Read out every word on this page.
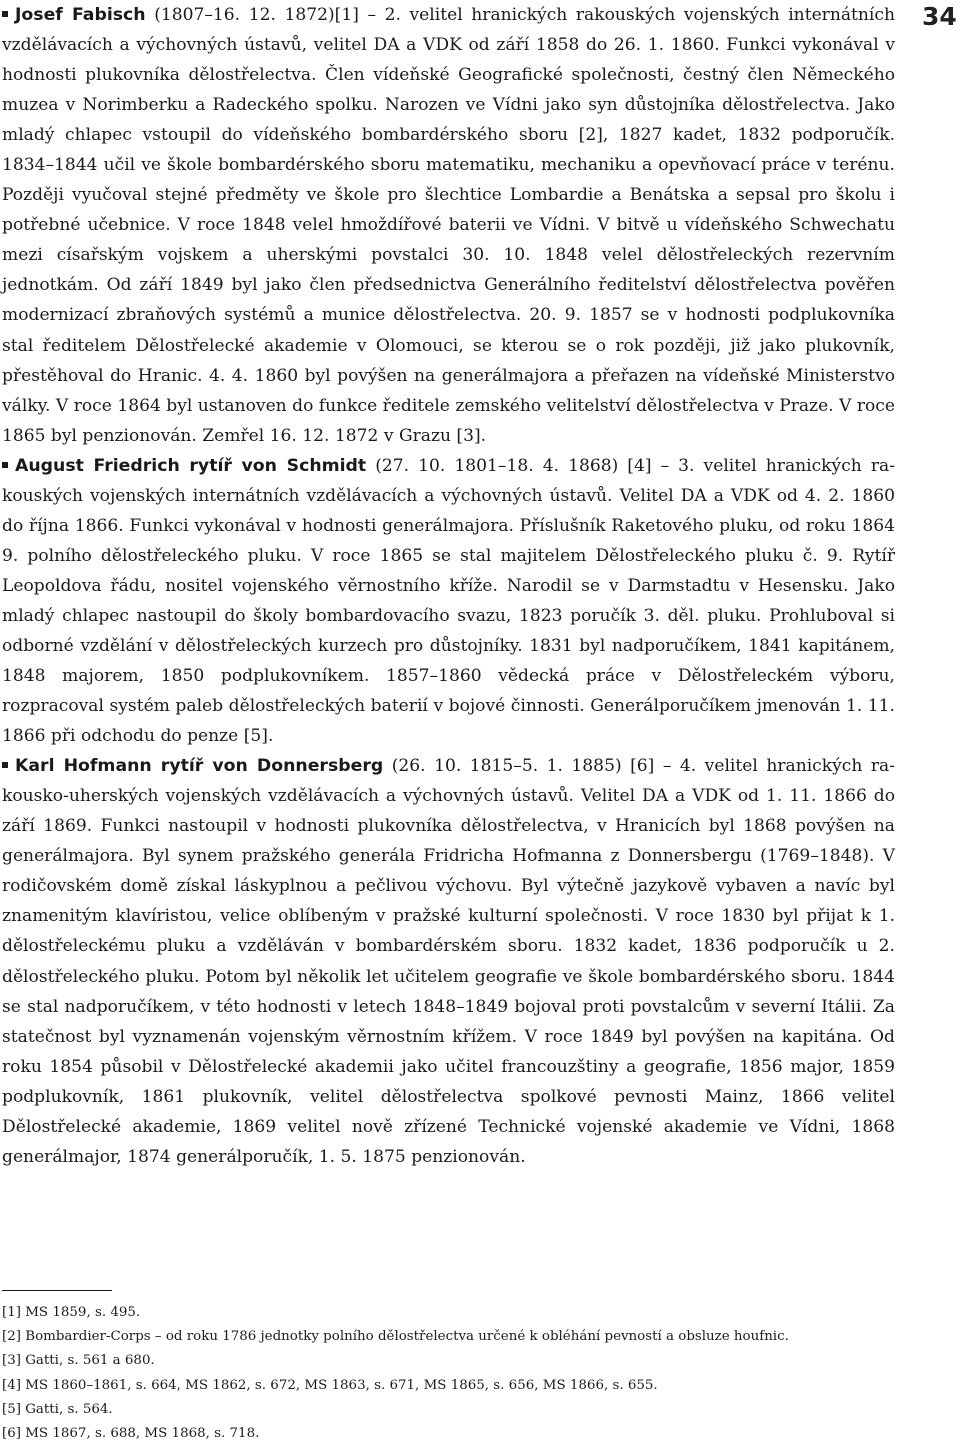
34

Josef Fabisch (1807–16. 12. 1872)[1] – 2. velitel hranických rakouských vojenských internátních vzdělávacích a výchovných ústavů, velitel DA a VDK od září 1858 do 26. 1. 1860. Funkci vykonával v hodnosti plukovníka dělostřelectva. Člen vídeňské Geografické společnosti, čestný člen Německého muzea v Norimberku a Radeckého spolku. Narozen ve Vídni jako syn důstojníka dělostřelectva. Jako mladý chlapec vstoupil do vídeňského bombardérského sboru [2], 1827 kadet, 1832 podporučík. 1834–1844 učil ve škole bombardérského sboru matematiku, mechaniku a opevňovací práce v terénu. Později vyučoval stejné předměty ve škole pro šlechtice Lombardie a Benátska a sepsal pro školu i potřebné učebnice. V roce 1848 velel hmoždířové baterii ve Vídni. V bitvě u vídeňského Schwechatu mezi císařským vojskem a uherskými povstalci 30. 10. 1848 velel dělostřeleckých rezervním jednotkám. Od září 1849 byl jako člen předsednictva Generálního ředitelství dělostřelectva pověřen modernizací zbraňových systémů a munice dělostřelectva. 20. 9. 1857 se v hodnosti podplukovníka stal ředitelem Dělostřelecké akademie v Olomouci, se kterou se o rok později, již jako plukovník, přestěhoval do Hranic. 4. 4. 1860 byl povýšen na generálmajora a přeřazen na vídeňské Ministerstvo války. V roce 1864 byl ustanoven do funkce ředitele zemského velitelství dělostřelectva v Praze. V roce 1865 byl penzionován. Zemřel 16. 12. 1872 v Grazu [3].

August Friedrich rytíř von Schmidt (27. 10. 1801–18. 4. 1868) [4] – 3. velitel hranických rakouských vojenských internátních vzdělávacích a výchovných ústavů. Velitel DA a VDK od 4. 2. 1860 do října 1866. Funkci vykonával v hodnosti generálmajora. Příslušník Raketového pluku, od roku 1864 9. polního dělostřeleckého pluku. V roce 1865 se stal majitelem Dělostřeleckého pluku č. 9. Rytíř Leopoldova řádu, nositel vojenského věrnostního kříže. Narodil se v Darmstadtu v Hesensku. Jako mladý chlapec nastoupil do školy bombardovacího svazu, 1823 poručík 3. děl. pluku. Prohluboval si odborné vzdělání v dělostřeleckých kurzech pro důstojníky. 1831 byl nadporučíkem, 1841 kapitánem, 1848 majorem, 1850 podplukovníkem. 1857–1860 vědecká práce v Dělostřeleckém výboru, rozpracoval systém paleb dělostřeleckých baterií v bojové činnosti. Generálporučíkem jmenován 1. 11. 1866 při odchodu do penze [5].

Karl Hofmann rytíř von Donnersberg (26. 10. 1815–5. 1. 1885) [6] – 4. velitel hranických rakousko-uherských vojenských vzdělávacích a výchovných ústavů. Velitel DA a VDK od 1. 11. 1866 do září 1869. Funkci nastoupil v hodnosti plukovníka dělostřelectva, v Hranicích byl 1868 povýšen na generálmajora. Byl synem pražského generála Fridricha Hofmanna z Donnersbergu (1769–1848). V rodičovském domě získal láskyplnou a pečlivou výchovu. Byl výtečně jazykově vybaven a navíc byl znamenitým klavíristou, velice oblíbeným v pražské kulturní společnosti. V roce 1830 byl přijat k 1. dělostřeleckému pluku a vzděláván v bombardérském sboru. 1832 kadet, 1836 podporučík u 2. dělostřeleckého pluku. Potom byl několik let učitelem geografie ve škole bombardérského sboru. 1844 se stal nadporučíkem, v této hodnosti v letech 1848–1849 bojoval proti povstalcům v severní Itálii. Za statečnost byl vyznamenán vojenským věrnostním křížem. V roce 1849 byl povýšen na kapitána. Od roku 1854 působil v Dělostřelecké akademii jako učitel francouzštiny a geografie, 1856 major, 1859 podplukovník, 1861 plukovník, velitel dělostřelectva spolkové pevnosti Mainz, 1866 velitel Dělostřelecké akademie, 1869 velitel nově zřízené Technické vojenské akademie ve Vídni, 1868 generálmajor, 1874 generálporučík, 1. 5. 1875 penzionován.

[1] MS 1859, s. 495.
[2] Bombardier-Corps – od roku 1786 jednotky polního dělostřelectva určené k obléhání pevností a obsluze houfnic.
[3] Gatti, s. 561 a 680.
[4] MS 1860–1861, s. 664, MS 1862, s. 672, MS 1863, s. 671, MS 1865, s. 656, MS 1866, s. 655.
[5] Gatti, s. 564.
[6] MS 1867, s. 688, MS 1868, s. 718.
